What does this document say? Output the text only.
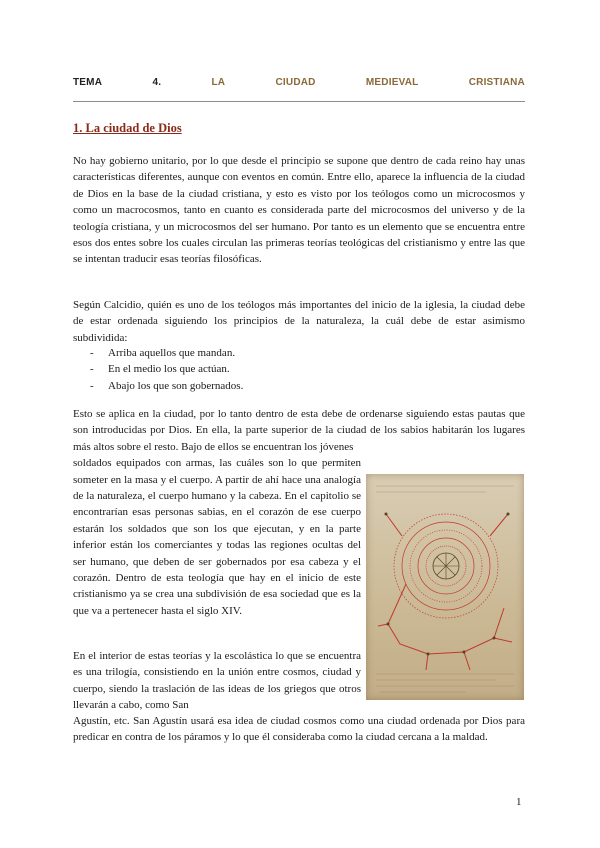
TEMA	4.	LA	CIUDAD	MEDIEVAL	CRISTIANA
1. La ciudad de Dios

No hay gobierno unitario, por lo que desde el principio se supone que dentro de cada reino hay unas características diferentes, aunque con eventos en común. Entre ello, aparece la influencia de la ciudad de Dios en la base de la ciudad cristiana, y esto es visto por los teólogos como un microcosmos y como un macrocosmos, tanto en cuanto es considerada parte del microcosmos del universo y de la teología cristiana, y un microcosmos del ser humano. Por tanto es un elemento que se encuentra entre esos dos entes sobre los cuales circulan las primeras teorías teológicas del cristianismo y entre las que se intentan traducir esas teorías filosóficas.

Según Calcidio, quién es uno de los teólogos más importantes del inicio de la iglesia, la ciudad debe de estar ordenada siguiendo los principios de la naturaleza, la cuál debe de estar asimismo subdividida:

-	Arriba aquellos que mandan.
-	En el medio los que actúan.
-	Abajo los que son gobernados.
Esto se aplica en la ciudad, por lo tanto dentro de esta debe de ordenarse siguiendo estas pautas que son introducidas por Dios. En ella, la parte superior de la ciudad de los sabios habitarán los lugares más altos sobre el resto. Bajo de ellos se encuentran los jóvenes
soldados equipados con armas, las cuáles son lo que permiten someter en la masa y el cuerpo. A partir de ahí hace una analogía de la naturaleza, el cuerpo humano y la cabeza. En el capitolio se encontrarían esas personas sabias, en el corazón de ese cuerpo estarán los soldados que son los que ejecutan, y en la parte inferior están los comerciantes y todas las regiones ocultas del ser humano, que deben de ser gobernados por esa cabeza y el corazón. Dentro de esta teología que hay en el inicio de este cristianismo ya se crea una subdivisión de esa sociedad que es la que va a pertenecer hasta el siglo XIV.

En el interior de estas teorías y la escolástica lo que se encuentra es una trilogía, consistiendo en la unión entre cosmos, ciudad y cuerpo, siendo la traslación de las ideas de los griegos que otros llevarán a cabo, como San

Agustín, etc. San Agustín usará esa idea de ciudad cosmos como una ciudad ordenada por Dios para predicar en contra de los páramos y lo que él consideraba como la ciudad cercana a la maldad.

1
